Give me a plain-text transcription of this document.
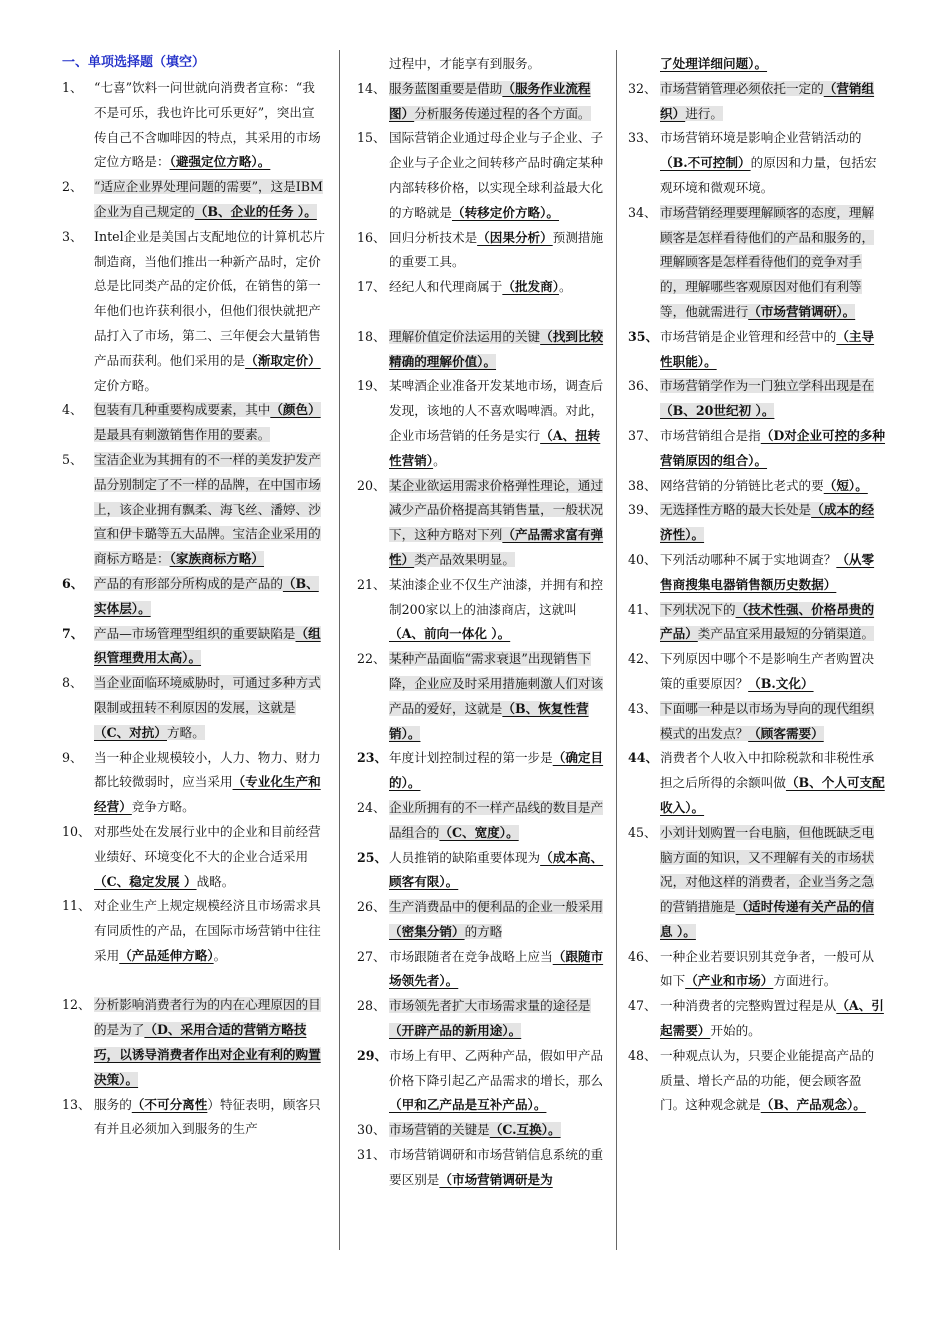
一、单项选择题（填空）
1、 “七喜”饮料一问世就向消费者宣称：“我不是可乐，我也许比可乐更好”，突出宣传自己不含咖啡因的特点，其采用的市场定位方略是：（避强定位方略）。
2、 “适应企业界处理问题的需要”，这是IBM企业为自己规定的（B、企业的任务 ）。
3、 Intel企业是美国占支配地位的计算机芯片制造商，当他们推出一种新产品时，定价总是比同类产品的定价低，在销售的第一年他们也许获利很小，但他们很快就把产品打入了市场，第二、三年便会大量销售产品而获利。他们采用的是（渐取定价）定价方略。
4、 包装有几种重要构成要素，其中（颜色）是最具有刺激销售作用的要素。
5、 宝洁企业为其拥有的不一样的美发护发产品分别制定了不一样的品牌，在中国市场上，该企业拥有飘柔、海飞丝、潘婷、沙宣和伊卡璐等五大品牌。宝洁企业采用的商标方略是：（家族商标方略）
6、 产品的有形部分所构成的是产品的（B、实体层）。
7、 产品—市场管理型组织的重要缺陷是（组织管理费用太高）。
8、 当企业面临环境威胁时，可通过多种方式限制或扭转不利原因的发展，这就是（C、对抗）方略。
9、 当一种企业规模较小，人力、物力、财力都比较微弱时，应当采用（专业化生产和经营）竞争方略。
10、 对那些处在发展行业中的企业和目前经营业绩好、环境变化不大的企业合适采用（C、稳定发展 ）战略。
11、 对企业生产上规定规模经济且市场需求具有同质性的产品，在国际市场营销中往往采用（产品延伸方略）。
12、 分析影响消费者行为的内在心理原因的目的是为了（D、采用合适的营销方略技巧，以诱导消费者作出对企业有利的购置决策）。
13、 服务的（不可分离性）特征表明，顾客只有并且必须加入到服务的生产
过程中，才能享有到服务。
14、 服务蓝图重要是借助（服务作业流程图）分析服务传递过程的各个方面。
15、 国际营销企业通过母企业与子企业、子企业与子企业之间转移产品时确定某种内部转移价格，以实现全球利益最大化的方略就是（转移定价方略）。
16、 回归分析技术是（因果分析）预测措施的重要工具。
17、 经纪人和代理商属于（批发商）。
18、 理解价值定价法运用的关键（找到比较精确的理解价值）。
19、 某啤酒企业准备开发某地市场，调查后发现，该地的人不喜欢喝啤酒。对此，企业市场营销的任务是实行（A、扭转性营销）。
20、 某企业欲运用需求价格弹性理论，通过减少产品价格提高其销售量，一般状况下，这种方略对下列（产品需求富有弹性）类产品效果明显。
21、 某油漆企业不仅生产油漆，并拥有和控制200家以上的油漆商店，这就叫（A、前向一体化 ）。
22、 某种产品面临“需求衰退”出现销售下降，企业应及时采用措施刺激人们对该产品的爱好，这就是（B、恢复性营销）。
23、 年度计划控制过程的第一步是（确定目的）。
24、 企业所拥有的不一样产品线的数目是产品组合的（C、宽度）。
25、 人员推销的缺陷重要体现为（成本高、顾客有限）。
26、 生产消费品中的便利品的企业一般采用（密集分销）的方略
27、 市场跟随者在竞争战略上应当（跟随市场领先者）。
28、 市场领先者扩大市场需求量的途径是（开辟产品的新用途）。
29、 市场上有甲、乙两种产品，假如甲产品价格下降引起乙产品需求的增长，那么（甲和乙产品是互补产品）。
30、 市场营销的关键是（C.互换）。
31、 市场营销调研和市场营销信息系统的重要区别是（市场营销调研是为
了处理详细问题）。
32、 市场营销管理必须依托一定的（营销组织）进行。
33、 市场营销环境是影响企业营销活动的（B.不可控制）的原因和力量，包括宏观环境和微观环境。
34、 市场营销经理要理解顾客的态度，理解顾客是怎样看待他们的产品和服务的，理解顾客是怎样看待他们的竞争对手的，理解哪些客观原因对他们有利等等，他就需进行（市场营销调研）。
35、 市场营销是企业管理和经营中的（主导性职能）。
36、 市场营销学作为一门独立学科出现是在（B、20世纪初 ）。
37、 市场营销组合是指（D对企业可控的多种营销原因的组合）。
38、 网络营销的分销链比老式的要（短）。
39、 无选择性方略的最大长处是（成本的经济性）。
40、 下列活动哪种不属于实地调查？（从零售商搜集电器销售额历史数据）
41、 下列状况下的（技术性强、价格昂贵的产品）类产品宜采用最短的分销渠道。
42、 下列原因中哪个不是影响生产者购置决策的重要原因？（B.文化）
43、 下面哪一种是以市场为导向的现代组织模式的出发点？（顾客需要）
44、 消费者个人收入中扣除税款和非税性承担之后所得的余额叫做（B、个人可支配收入）。
45、 小刘计划购置一台电脑，但他既缺乏电脑方面的知识，又不理解有关的市场状况，对他这样的消费者，企业当务之急的营销措施是（适时传递有关产品的信息 ）。
46、 一种企业若要识别其竞争者，一般可从如下（产业和市场）方面进行。
47、 一种消费者的完整购置过程是从（A、引起需要）开始的。
48、 一种观点认为，只要企业能提高产品的质量、增长产品的功能，便会顾客盈门。这种观念就是（B、产品观念）。
